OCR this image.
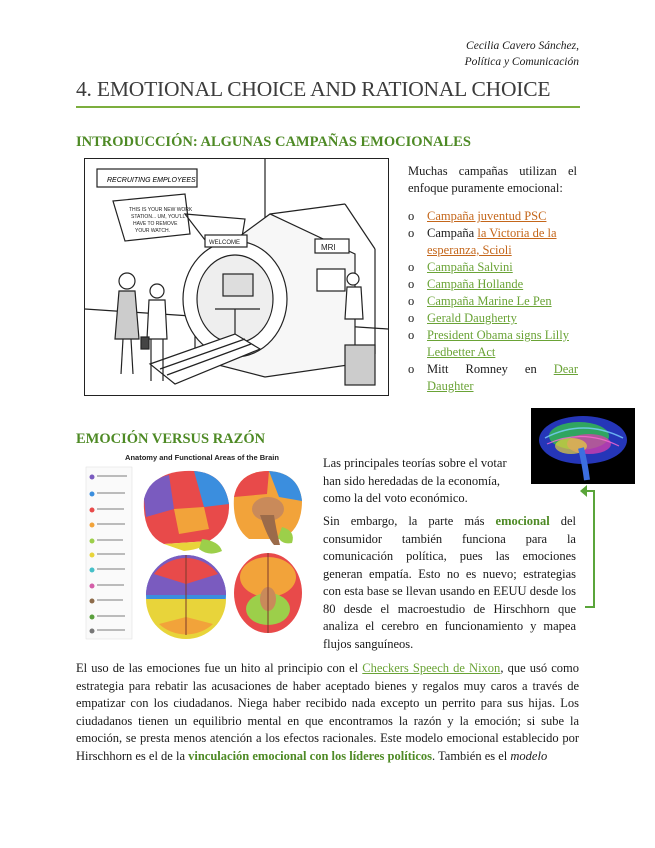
Cecilia Cavero Sánchez,
Política y Comunicación
4. EMOTIONAL CHOICE AND RATIONAL CHOICE
INTRODUCCIÓN: ALGUNAS CAMPAÑAS EMOCIONALES
RECRUITING EMPLOYEES
THIS IS YOUR NEW WORK
STATION... UM, YOU'LL
HAVE TO REMOVE
YOUR WATCH.
WELCOME	MRI
Muchas campañas utilizan el enfoque puramente emocional:
o Campaña juventud PSC
o Campaña la Victoria de la esperanza, Scioli
o Campaña Salvini
o Campaña Hollande
o Campaña Marine Le Pen
o Gerald Daugherty
o President Obama signs Lilly Ledbetter Act
o Mitt Romney en Dear Daughter
EMOCIÓN VERSUS RAZÓN
Anatomy and Functional Areas of the Brain	Las principales teorías sobre el votar han sido heredadas de la economía, como la del voto económico.
Sin embargo, la parte más emocional del consumidor también funciona para la comunicación política, pues las emociones generan empatía. Esto no es nuevo; estrategias con esta base se llevan usando en EEUU desde los 80 desde el macroestudio de Hirschhorn que analiza el cerebro en funcionamiento y mapea flujos sanguíneos.
El uso de las emociones fue un hito al principio con el Checkers Speech de Nixon, que usó como estrategia para rebatir las acusaciones de haber aceptado bienes y regalos muy caros a través de empatizar con los ciudadanos. Niega haber recibido nada excepto un perrito para sus hijas. Los ciudadanos tienen un equilibrio mental en que encontramos la razón y la emoción; si sube la emoción, se presta menos atención a los efectos racionales. Este modelo emocional establecido por Hirschhorn es el de la vinculación emocional con los líderes políticos. También es el modelo
